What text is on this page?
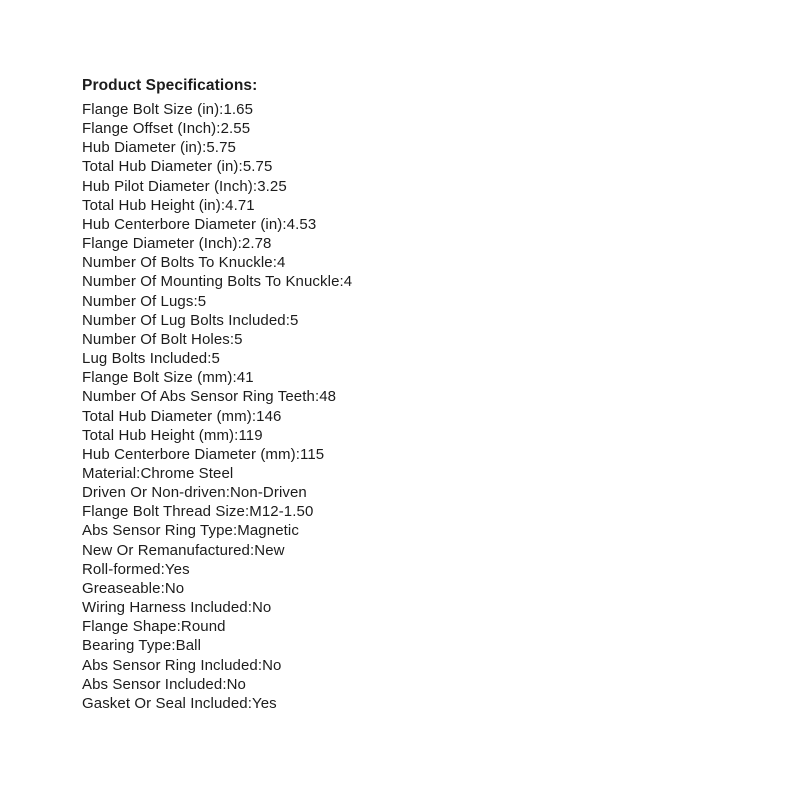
Product Specifications:
Flange Bolt Size (in):1.65
Flange Offset (Inch):2.55
Hub Diameter (in):5.75
Total Hub Diameter (in):5.75
Hub Pilot Diameter (Inch):3.25
Total Hub Height (in):4.71
Hub Centerbore Diameter (in):4.53
Flange Diameter (Inch):2.78
Number Of Bolts To Knuckle:4
Number Of Mounting Bolts To Knuckle:4
Number Of Lugs:5
Number Of Lug Bolts Included:5
Number Of Bolt Holes:5
Lug Bolts Included:5
Flange Bolt Size (mm):41
Number Of Abs Sensor Ring Teeth:48
Total Hub Diameter (mm):146
Total Hub Height (mm):119
Hub Centerbore Diameter (mm):115
Material:Chrome Steel
Driven Or Non-driven:Non-Driven
Flange Bolt Thread Size:M12-1.50
Abs Sensor Ring Type:Magnetic
New Or Remanufactured:New
Roll-formed:Yes
Greaseable:No
Wiring Harness Included:No
Flange Shape:Round
Bearing Type:Ball
Abs Sensor Ring Included:No
Abs Sensor Included:No
Gasket Or Seal Included:Yes
